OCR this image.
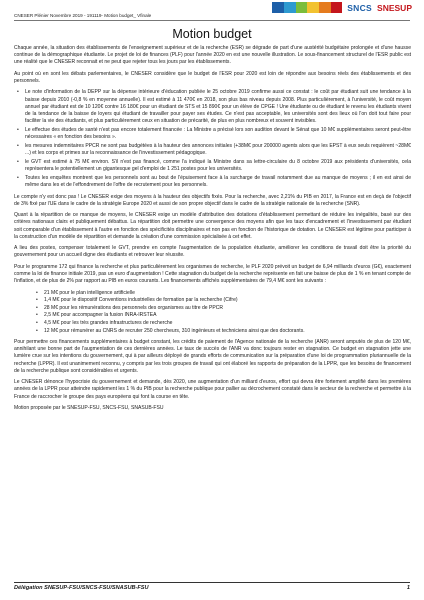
CNESER Plénier Novembre 2019 - 191119- Motion budget_ Vfinale
SNCS SNESUP
Motion budget

Chaque année, la situation des établissements de l'enseignement supérieur et de la recherche (ESR) se dégrade de part d'une austérité budgétaire prolongée et d'une hausse continue de la démographique étudiante. Le projet de loi de finances (PLF) pour l'année 2020 en est une nouvelle illustration. Le sous-financement structurel de l'ESR public est une réalité que le CNESER reconnait et ne peut que rejeter tous les jours par les établissements.

Au point où en sont les débats parlementaires, le CNESER considère que le budget de l'ESR pour 2020 est loin de répondre aux besoins réels des établissements et des personnels.

• Le note d'information de la DEPP sur la dépense intérieure d'éducation publiée le 25 octobre 2019 confirme aussi ce constat : le coût par étudiant suit une tendance à la baisse depuis 2010 (-0,8 % en moyenne annuelle). Il est estimé à 11 470€ en 2018, son plus bas niveau depuis 2008. Plus particulièrement, à l'université, le coût moyen annuel par étudiant est de 10 120€ contre 16 180€ pour un étudiant de STS et 15 890€ pour un élève de CPGE ! Une étudiante ou de étudiant le revenu les étudiants vivent de la tendance de la baisse de loyers qui étudiant de travailler pour payer ses études. Ce n'est pas acceptable, les universités sont des lieux où l'on doit tout faire pour faciliter la vie des étudiants, et plus particulièrement ceux en situation de précarité, de plus en plus nombreux et souvent invisibles.
• Le effectue des études de santé n'est pas encore totalement financée : La Ministre a précisé lors son audition devant le Sénat que 10 M€ supplémentaires seront peut-être nécessaires « en fonction des besoins ».
• les mesures indemnitaires PPCR ne sont pas budgétées à la hauteur des annonces initiales (+38M€ pour 200000 agents alors que les EPST à eux seuls requièrent ~28M€ ...) et les corps et primes sur la reconnaissance de l'investissement pédagogique.
• le GVT est estimé à 75 M€ environ. S'il n'est pas financé, comme l'a indiqué la Ministre dans sa lettre-circulaire du 8 octobre 2019 aux présidents d'universités, cela représentera le potentiellement un gigantesque gel d'emploi de 1 251 postes pour les universités.
• Toutes les enquêtes montrent que les personnels sont au bout de l'épuisement face à la surcharge de travail notamment due au manque de moyens ; il en est ainsi de même dans les et de l'effondrement de l'offre de recrutement pour les personnels.

Le compte n'y est donc pas ! Le CNESER exige des moyens à la hauteur des objectifs fixés. Pour la recherche, avec 2,21% du PIB en 2017, la France est en deçà de l'objectif de 3% fixé par l'UE dans le cadre de la stratégie Europe 2020 et aussi de son propre objectif dans le cadre de la stratégie nationale de la recherche (SNR).

Quant à la répartition de ce manque de moyens, le CNESER exige un modèle d'attribution des dotations d'établissement permettant de réduire les inégalités, basé sur des critères nationaux clairs et publiquement débattus. La répartition doit permettre une convergence des moyens afin que les taux d'encadrement et l'investissement par étudiant soit comparable d'un établissement à l'autre en fonction des spécificités disciplinaires et non pas en fonction de l'historique de dotation. Le CNESER est légitime pour participer à la construction d'un modèle de répartition et demande la création d'une commission spécialisée à cet effet.

A lieu des postes, compenser totalement le GVT, prendre en compte l'augmentation de la population étudiante, améliorer les conditions de travail doit être la priorité du gouvernement pour un accueil digne des étudiants et retrouver leur réussite.

Pour le programme 172 qui finance la recherche et plus particulièrement les organismes de recherche, le PLF 2020 prévoit un budget de 6,94 milliards d'euros (G€), exactement comme la loi de finance initiale 2019, pas un euro d'augmentation ! Cette stagnation du budget de la recherche représente en fait une baisse de plus de 1 % en tenant compte de l'inflation, et de plus de 2% par rapport au PIB en euros courants. Les financements affichés supplémentaires de 79,4 M€ sont les suivants :

• 21 M€ pour le plan intelligence artificielle
• 1,4 M€ pour le dispositif Conventions industrielles de formation par la recherche (Cifre)
• 28 M€ pour les rémunérations des personnels des organismes au titre de PPCR
• 2,5 M€ pour accompagner la fusion INRA-IRSTEA
• 4,5 M€ pour les très grandes infrastructures de recherche
• 12 M€ pour rémunérer au CNRS de recruter 250 chercheurs, 310 ingénieurs et techniciens ainsi que des doctorants.

Pour permettre ces financements supplémentaires à budget constant, les crédits de paiement de l'Agence nationale de la recherche (ANR) seront amputés de plus de 120 M€, annihilant une bonne part de l'augmentation de ces dernières années. Le taux de succès de l'ANR va donc toujours rester en stagnation. Ce budget en stagnation jette une lumière crue sur les intentions du gouvernement, qui à par ailleurs déployé de grands efforts de communication sur la préparation d'une loi de programmation pluriannuelle de la recherche (LPPR). Il est unanimement reconnu, y compris par les trois groupes de travail qui ont élaboré les rapports de préparation de la LPPR, que les besoins de financement de la recherche publique sont considérables et urgents.

Le CNESER dénonce l'hypocrisie du gouvernement et demande, dès 2020, une augmentation d'un milliard d'euros, effort qui devra être fortement amplifié dans les premières années de la LPPR pour atteindre rapidement les 1 % du PIB pour la recherche publique pour pallier au décrochement constaté dans le secteur de la recherche et permettre à la France de raccrocher le groupe des pays européens qui font la course en tête.

Motion proposée par le SNESUP-FSU, SNCS-FSU, SNASUB-FSU

Délégation SNESUP-FSU/SNCS-FSU/SNASUB-FSU	1
